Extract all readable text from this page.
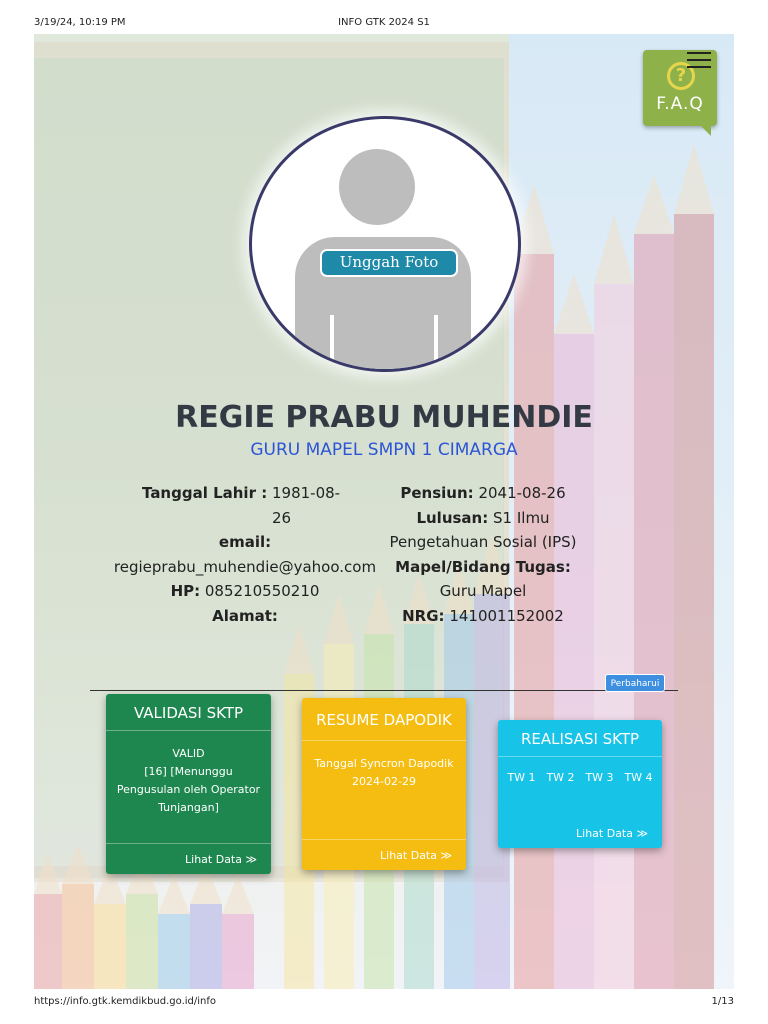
3/19/24, 10:19 PM	INFO GTK 2024 S1
?
F.A.Q
Unggah Foto
REGIE PRABU MUHENDIE
GURU MAPEL SMPN 1 CIMARGA
Tanggal Lahir : 1981-08-26
email:
regieprabu_muhendie@yahoo.com
HP: 085210550210
Alamat:
Pensiun: 2041-08-26
Lulusan: S1 Ilmu Pengetahuan Sosial (IPS)
Mapel/Bidang Tugas:
Guru Mapel
NRG: 141001152002
Perbaharui
VALIDASI SKTP
VALID
[16] [Menunggu Pengusulan oleh Operator Tunjangan]
Lihat Data ≫
RESUME DAPODIK
Tanggal Syncron Dapodik
2024-02-29
Lihat Data ≫
REALISASI SKTP
TW 1 TW 2 TW 3 TW 4
Lihat Data ≫
https://info.gtk.kemdikbud.go.id/info	1/13
